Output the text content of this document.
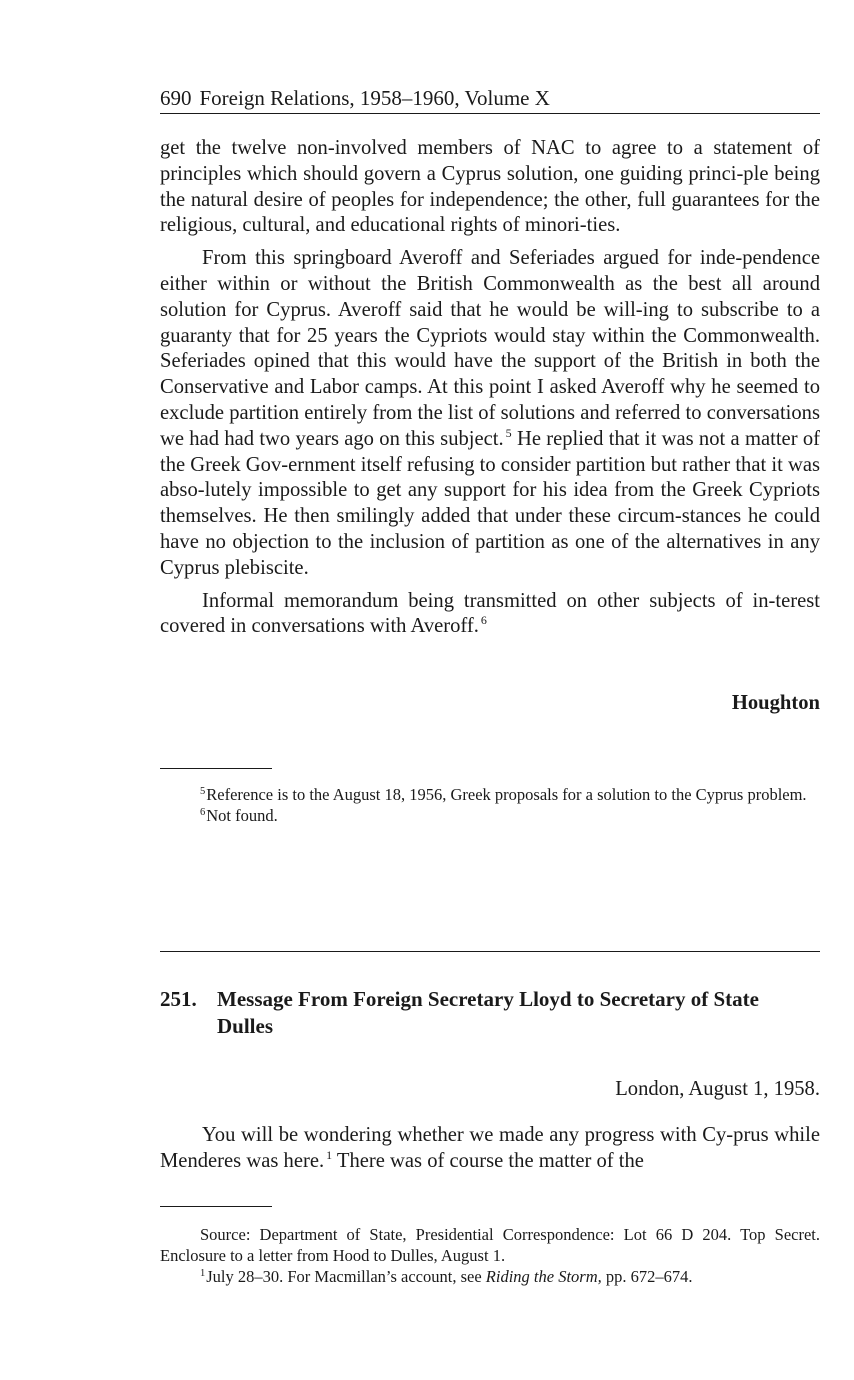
690 Foreign Relations, 1958–1960, Volume X

get the twelve non-involved members of NAC to agree to a statement of principles which should govern a Cyprus solution, one guiding princi-ple being the natural desire of peoples for independence; the other, full guarantees for the religious, cultural, and educational rights of minori-ties.

From this springboard Averoff and Seferiades argued for inde-pendence either within or without the British Commonwealth as the best all around solution for Cyprus. Averoff said that he would be will-ing to subscribe to a guaranty that for 25 years the Cypriots would stay within the Commonwealth. Seferiades opined that this would have the support of the British in both the Conservative and Labor camps. At this point I asked Averoff why he seemed to exclude partition entirely from the list of solutions and referred to conversations we had had two years ago on this subject. $^5$ He replied that it was not a matter of the Greek Gov-ernment itself refusing to consider partition but rather that it was abso-lutely impossible to get any support for his idea from the Greek Cypriots themselves. He then smilingly added that under these circum-stances he could have no objection to the inclusion of partition as one of the alternatives in any Cyprus plebiscite.

Informal memorandum being transmitted on other subjects of in-terest covered in conversations with Averoff. $^6$

Houghton

$^5$Reference is to the August 18, 1956, Greek proposals for a solution to the Cyprus problem.

$^6$Not found.

251. Message From Foreign Secretary Lloyd to Secretary of State Dulles
London, August 1, 1958.

You will be wondering whether we made any progress with Cy-prus while Menderes was here. $^1$ There was of course the matter of the

Source: Department of State, Presidential Correspondence: Lot 66 D 204. Top Secret. Enclosure to a letter from Hood to Dulles, August 1.

$^1$July 28–30. For Macmillan’s account, see Riding the Storm, pp. 672–674.
